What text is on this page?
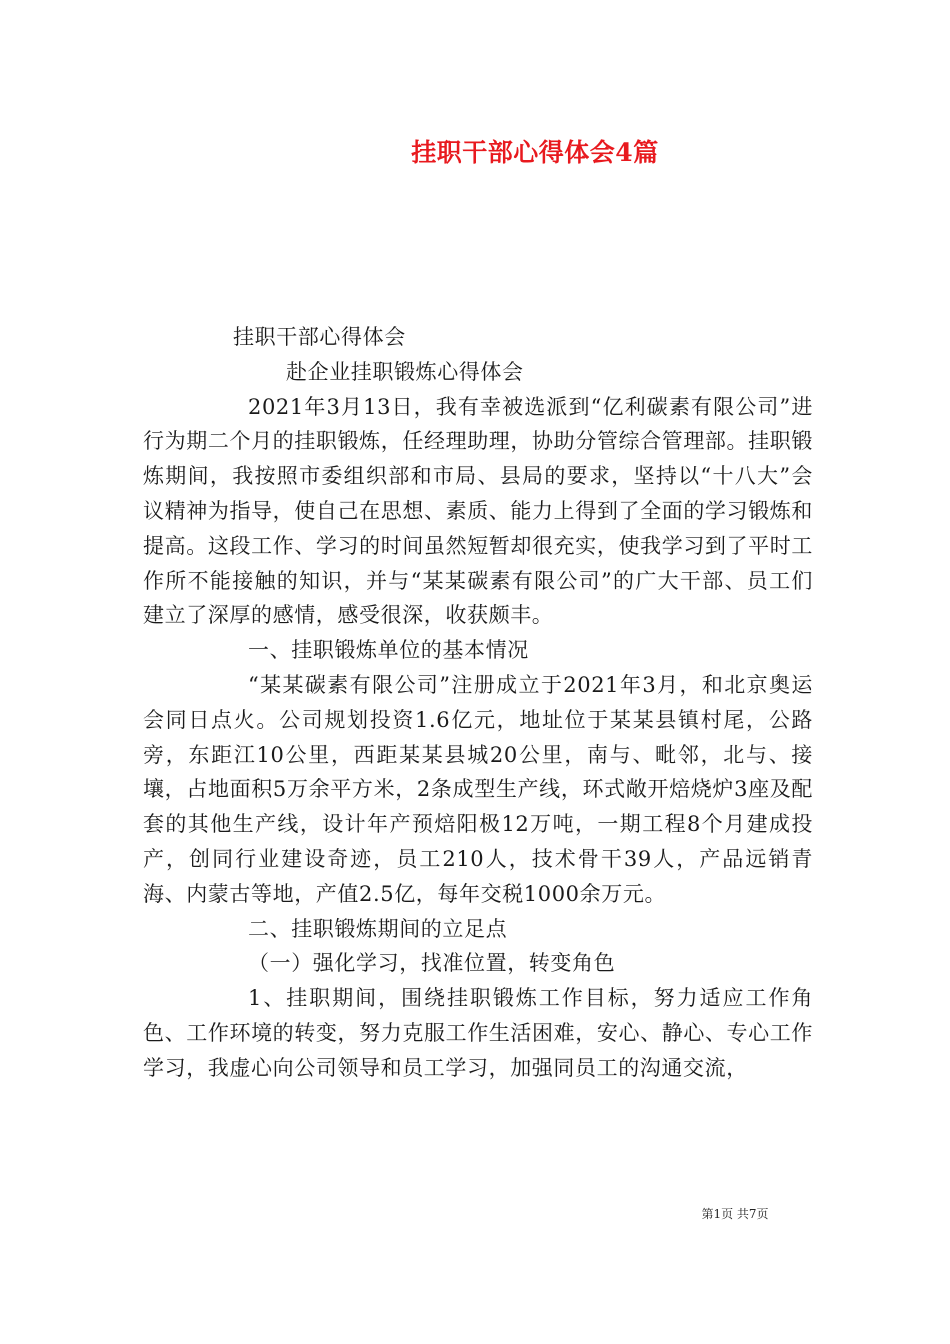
挂职干部心得体会4篇

挂职干部心得体会

赴企业挂职锻炼心得体会

2021年3月13日，我有幸被选派到“亿利碳素有限公司”进行为期二个月的挂职锻炼，任经理助理，协助分管综合管理部。挂职锻炼期间，我按照市委组织部和市局、县局的要求，坚持以“十八大”会议精神为指导，使自己在思想、素质、能力上得到了全面的学习锻炼和提高。这段工作、学习的时间虽然短暂却很充实，使我学习到了平时工作所不能接触的知识，并与“某某碳素有限公司”的广大干部、员工们建立了深厚的感情，感受很深，收获颇丰。

一、挂职锻炼单位的基本情况

“某某碳素有限公司”注册成立于2021年3月，和北京奥运会同日点火。公司规划投资1.6亿元，地址位于某某县镇村尾，公路旁，东距江10公里，西距某某县城20公里，南与、毗邻，北与、接壤，占地面积5万余平方米，2条成型生产线，环式敞开焙烧炉3座及配套的其他生产线，设计年产预焙阳极12万吨，一期工程8个月建成投产，创同行业建设奇迹，员工210人，技术骨干39人，产品远销青海、内蒙古等地，产值2.5亿，每年交税1000余万元。

二、挂职锻炼期间的立足点

（一）强化学习，找准位置，转变角色

1、挂职期间，围绕挂职锻炼工作目标，努力适应工作角色、工作环境的转变，努力克服工作生活困难，安心、静心、专心工作学习，我虚心向公司领导和员工学习，加强同员工的沟通交流，

第1页 共7页
